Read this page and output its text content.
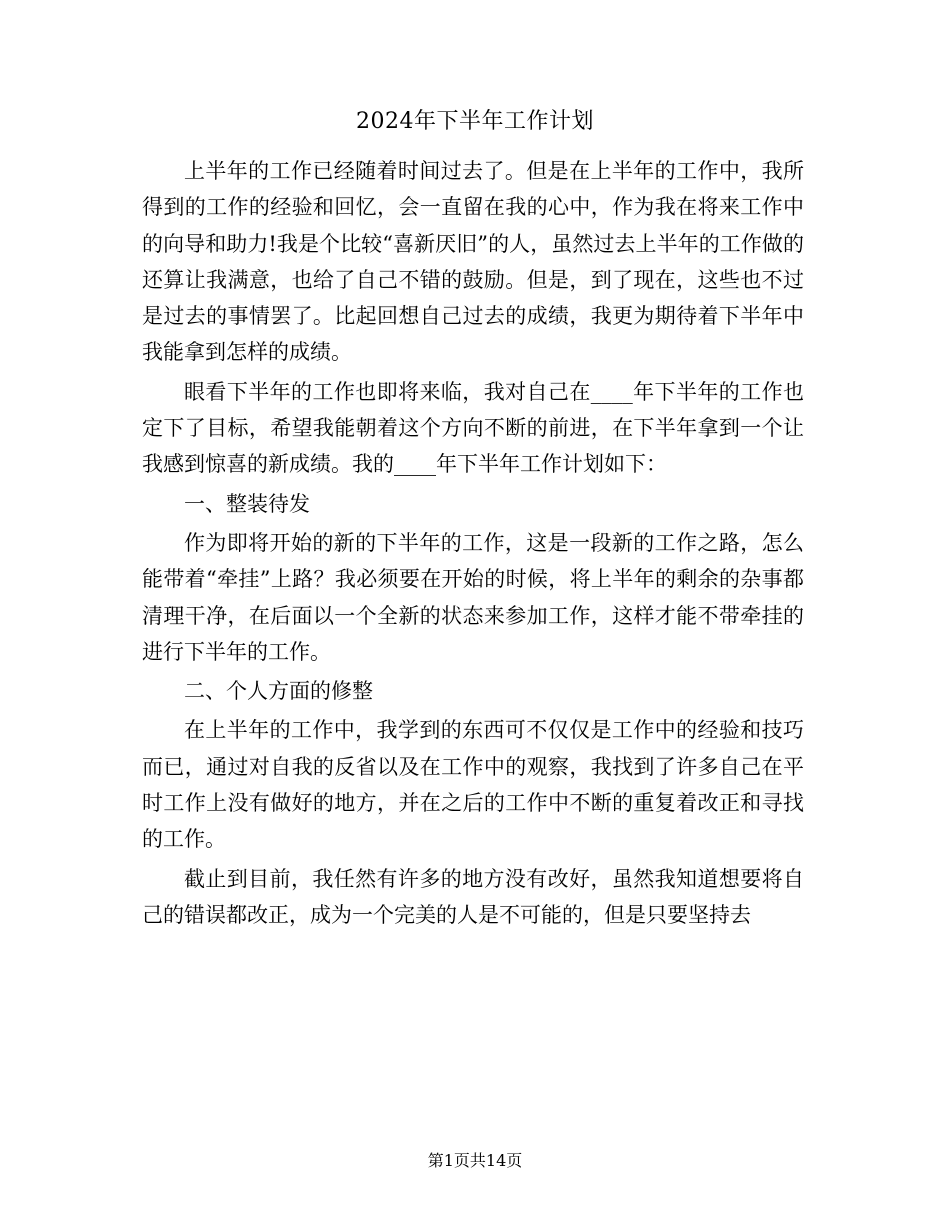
2024年下半年工作计划

上半年的工作已经随着时间过去了。但是在上半年的工作中，我所得到的工作的经验和回忆，会一直留在我的心中，作为我在将来工作中的向导和助力!我是个比较“喜新厌旧”的人，虽然过去上半年的工作做的还算让我满意，也给了自己不错的鼓励。但是，到了现在，这些也不过是过去的事情罢了。比起回想自己过去的成绩，我更为期待着下半年中我能拿到怎样的成绩。

眼看下半年的工作也即将来临，我对自己在____年下半年的工作也定下了目标，希望我能朝着这个方向不断的前进，在下半年拿到一个让我感到惊喜的新成绩。我的____年下半年工作计划如下：

一、整装待发

作为即将开始的新的下半年的工作，这是一段新的工作之路，怎么能带着“牵挂”上路？我必须要在开始的时候，将上半年的剩余的杂事都清理干净，在后面以一个全新的状态来参加工作，这样才能不带牵挂的进行下半年的工作。

二、个人方面的修整

在上半年的工作中，我学到的东西可不仅仅是工作中的经验和技巧而已，通过对自我的反省以及在工作中的观察，我找到了许多自己在平时工作上没有做好的地方，并在之后的工作中不断的重复着改正和寻找的工作。

截止到目前，我任然有许多的地方没有改好，虽然我知道想要将自己的错误都改正，成为一个完美的人是不可能的，但是只要坚持去

第1页共14页
